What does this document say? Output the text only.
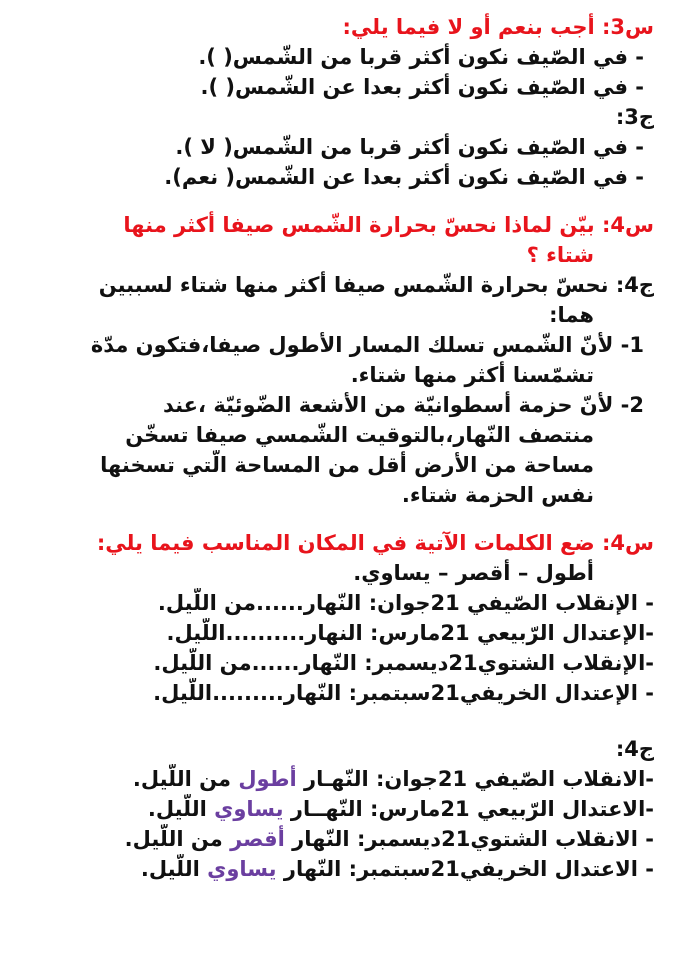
س3: أجب بنعم أو لا فيما يلي:
- في الصّيف نكون أكثر قربا من الشّمس( ).
- في الصّيف نكون أكثر بعدا عن الشّمس( ).
ج3:
- في الصّيف نكون أكثر قربا من الشّمس( لا ).
- في الصّيف نكون أكثر بعدا عن الشّمس( نعم).
س4: بيّن لماذا نحسّ بحرارة الشّمس صيفا أكثر منها
شتاء ؟
ج4: نحسّ بحرارة الشّمس صيفا أكثر منها شتاء لسببين
هما:
1- لأنّ الشّمس تسلك المسار الأطول صيفا،فتكون مدّة
تشمّسنا أكثر منها شتاء.
2- لأنّ حزمة أسطوانيّة من الأشعة الضّوئيّة ،عند
منتصف النّهار،بالتوقيت الشّمسي صيفا تسخّن
مساحة من الأرض أقل من المساحة الّتي تسخنها
نفس الحزمة شتاء.
س4: ضع الكلمات الآتية في المكان المناسب فيما يلي:
أطول – أقصر – يساوي.
- الإنقلاب الصّيفي 21جوان: النّهار......من اللّيل.
-الإعتدال الرّبيعي 21مارس: النهار..........اللّيل.
-الإنقلاب الشتوي21ديسمبر: النّهار......من اللّيل.
- الإعتدال الخريفي21سبتمبر: النّهار.........اللّيل.
ج4:
-الانقلاب الصّيفي 21جوان: النّهـار أطول من اللّيل.
-الاعتدال الرّبيعي 21مارس: النّهــار يساوي اللّيل.
- الانقلاب الشتوي21ديسمبر: النّهار أقصر من اللّيل.
- الاعتدال الخريفي21سبتمبر: النّهار يساوي اللّيل.
